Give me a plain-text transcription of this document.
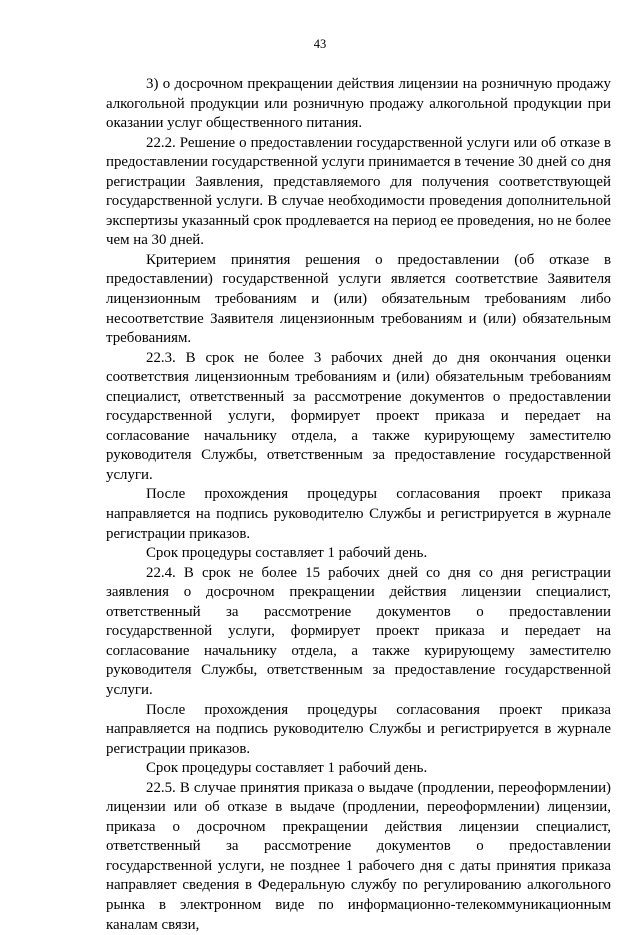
43

3) о досрочном прекращении действия лицензии на розничную продажу алкогольной продукции или розничную продажу алкогольной продукции при оказании услуг общественного питания.

22.2. Решение о предоставлении государственной услуги или об отказе в предоставлении государственной услуги принимается в течение 30 дней со дня регистрации Заявления, представляемого для получения соответствующей государственной услуги. В случае необходимости проведения дополнительной экспертизы указанный срок продлевается на период ее проведения, но не более чем на 30 дней.

Критерием принятия решения о предоставлении (об отказе в предоставлении) государственной услуги является соответствие Заявителя лицензионным требованиям и (или) обязательным требованиям либо несоответствие Заявителя лицензионным требованиям и (или) обязательным требованиям.

22.3. В срок не более 3 рабочих дней до дня окончания оценки соответствия лицензионным требованиям и (или) обязательным требованиям специалист, ответственный за рассмотрение документов о предоставлении государственной услуги, формирует проект приказа и передает на согласование начальнику отдела, а также курирующему заместителю руководителя Службы, ответственным за предоставление государственной услуги.

После прохождения процедуры согласования проект приказа направляется на подпись руководителю Службы и регистрируется в журнале регистрации приказов.

Срок процедуры составляет 1 рабочий день.

22.4. В срок не более 15 рабочих дней со дня со дня регистрации заявления о досрочном прекращении действия лицензии специалист, ответственный за рассмотрение документов о предоставлении государственной услуги, формирует проект приказа и передает на согласование начальнику отдела, а также курирующему заместителю руководителя Службы, ответственным за предоставление государственной услуги.

После прохождения процедуры согласования проект приказа направляется на подпись руководителю Службы и регистрируется в журнале регистрации приказов.

Срок процедуры составляет 1 рабочий день.

22.5. В случае принятия приказа о выдаче (продлении, переоформлении) лицензии или об отказе в выдаче (продлении, переоформлении) лицензии, приказа о досрочном прекращении действия лицензии специалист, ответственный за рассмотрение документов о предоставлении государственной услуги, не позднее 1 рабочего дня с даты принятия приказа направляет сведения в Федеральную службу по регулированию алкогольного рынка в электронном виде по информационно-телекоммуникационным каналам связи,
